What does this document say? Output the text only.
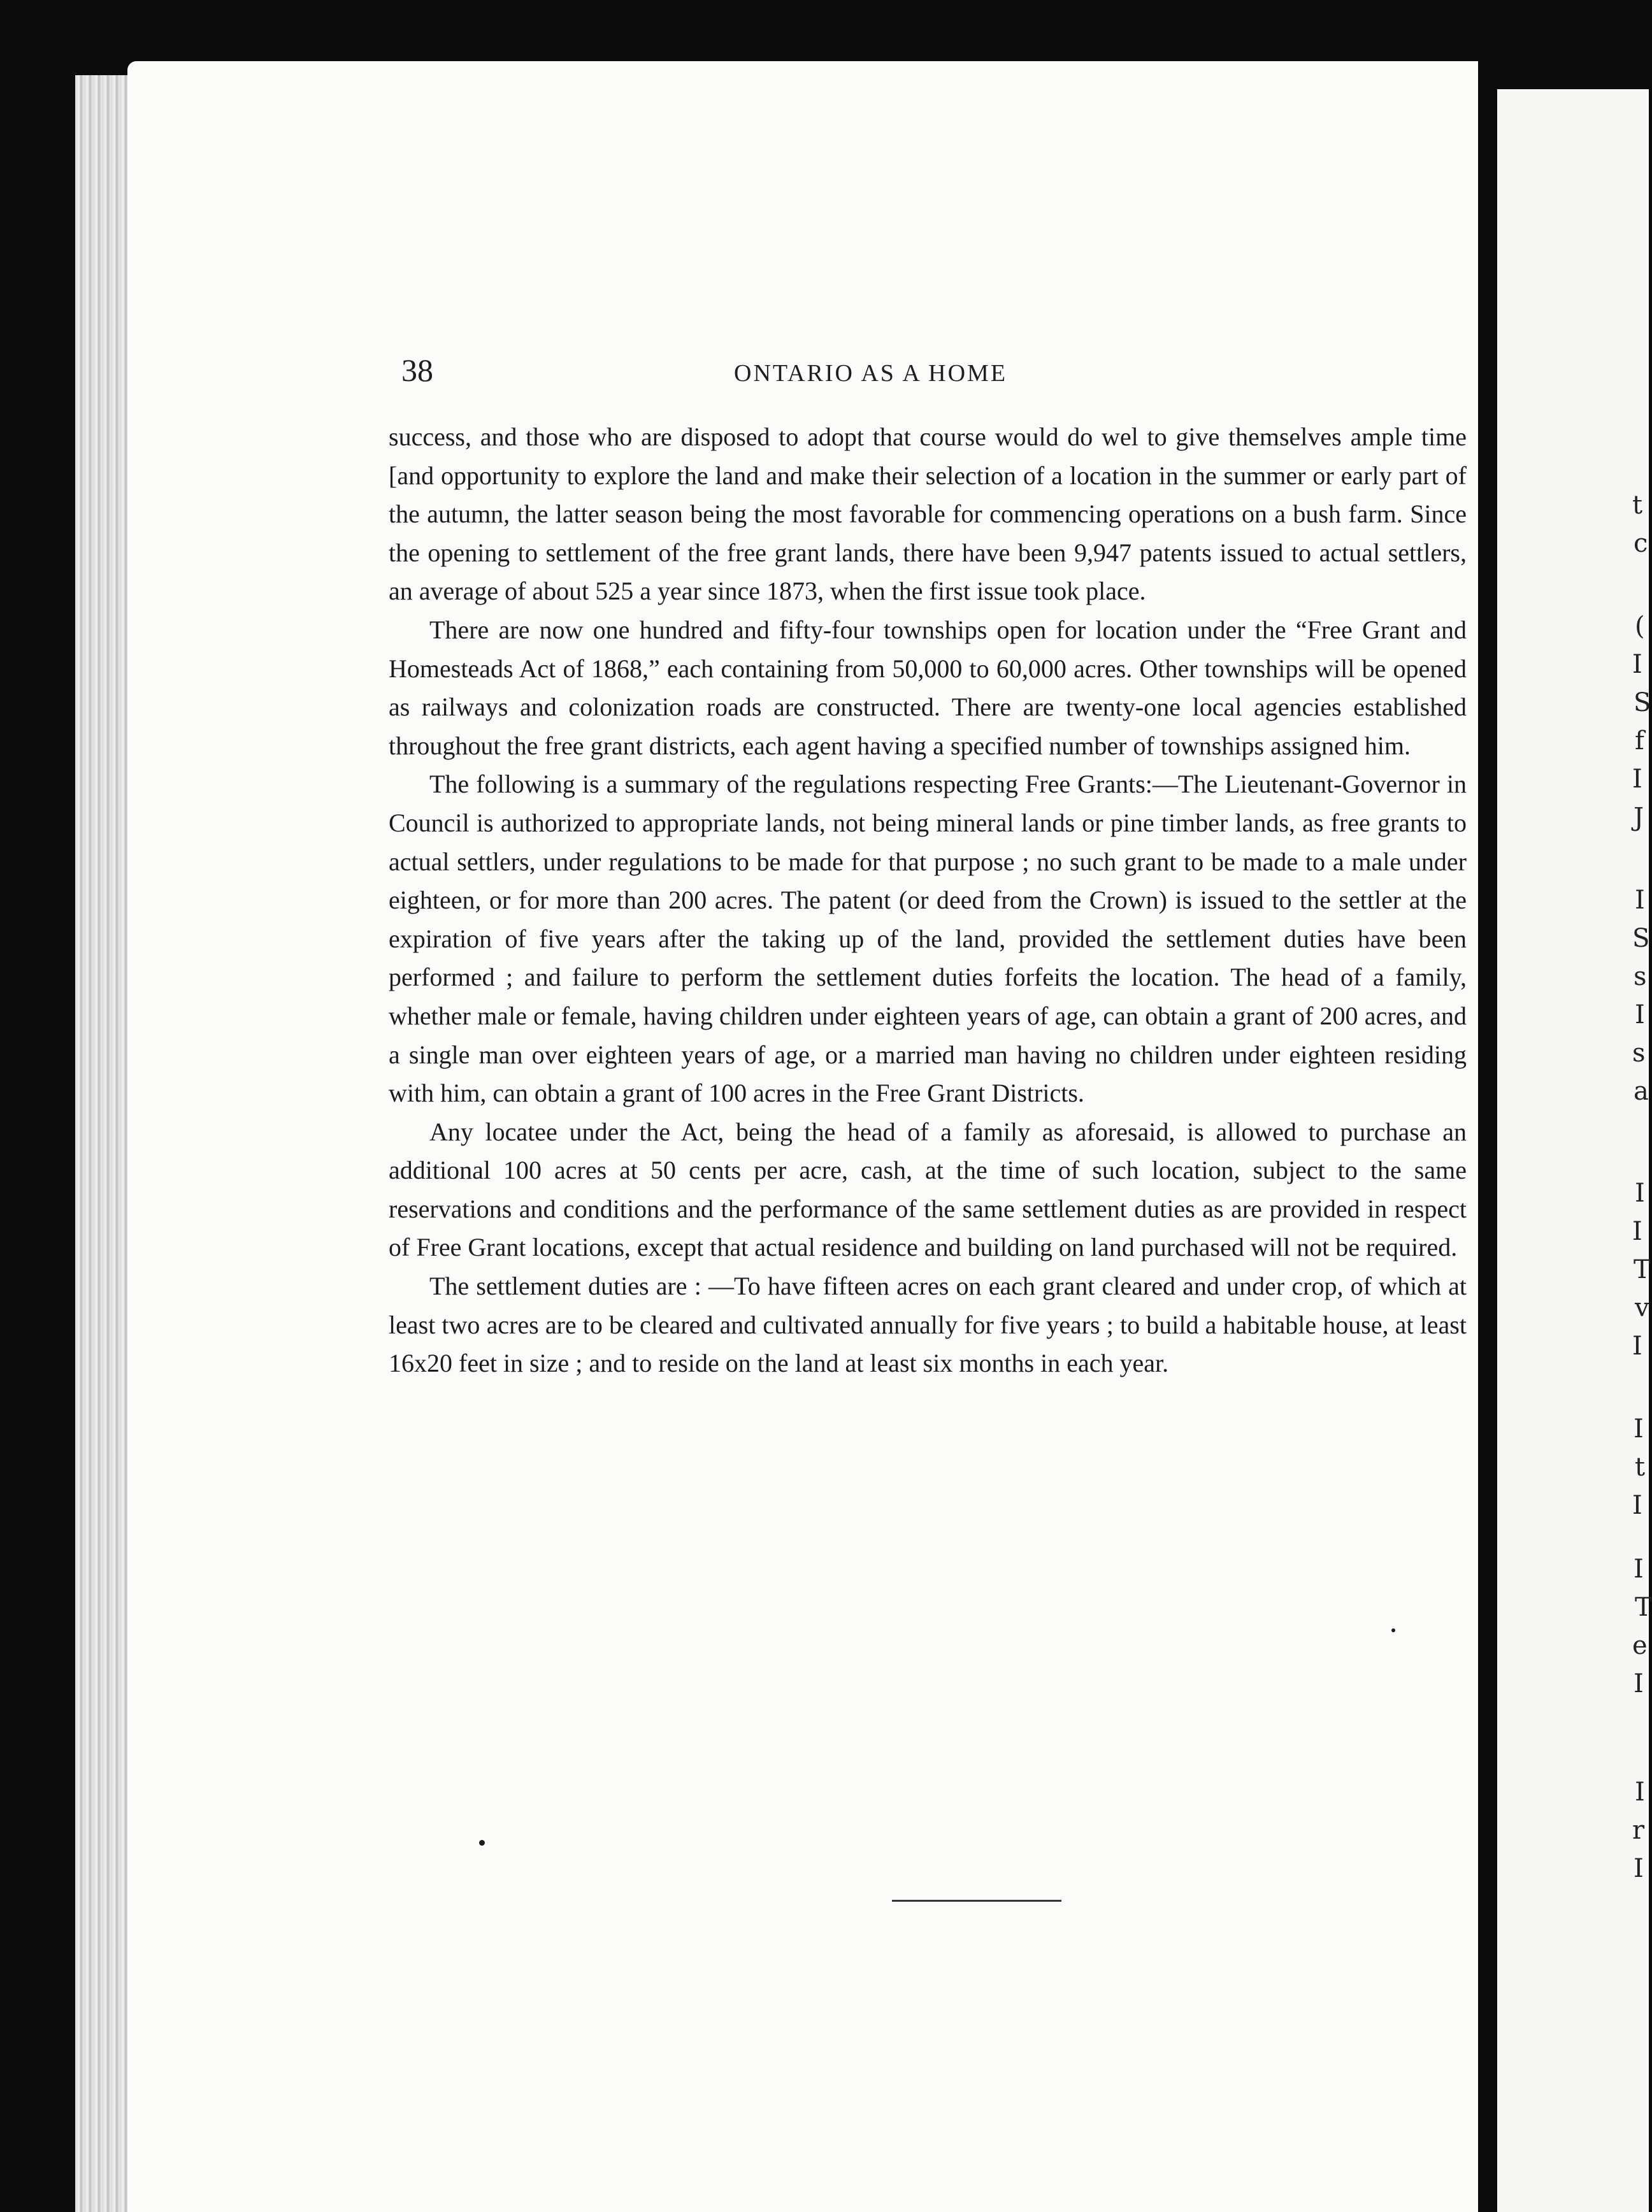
38	ONTARIO AS A HOME

success, and those who are disposed to adopt that course would do wel to give themselves ample time [and opportunity to explore the land and make their selection of a location in the summer or early part of the autumn, the latter season being the most favorable for commencing operations on a bush farm. Since the opening to settlement of the free grant lands, there have been 9,947 patents issued to actual settlers, an average of about 525 a year since 1873, when the first issue took place.

There are now one hundred and fifty-four townships open for location under the “Free Grant and Homesteads Act of 1868,” each containing from 50,000 to 60,000 acres. Other townships will be opened as railways and colonization roads are constructed. There are twenty-one local agencies established throughout the free grant districts, each agent having a specified number of townships assigned him.

The following is a summary of the regulations respecting Free Grants:—The Lieutenant-Governor in Council is authorized to appropriate lands, not being mineral lands or pine timber lands, as free grants to actual settlers, under regulations to be made for that purpose ; no such grant to be made to a male under eighteen, or for more than 200 acres. The patent (or deed from the Crown) is issued to the settler at the expiration of five years after the taking up of the land, provided the settlement duties have been performed ; and failure to perform the settlement duties forfeits the location. The head of a family, whether male or female, having children under eighteen years of age, can obtain a grant of 200 acres, and a single man over eighteen years of age, or a married man having no children under eighteen residing with him, can obtain a grant of 100 acres in the Free Grant Districts.

Any locatee under the Act, being the head of a family as aforesaid, is allowed to purchase an additional 100 acres at 50 cents per acre, cash, at the time of such location, subject to the same reservations and conditions and the performance of the same settlement duties as are provided in respect of Free Grant locations, except that actual residence and building on land purchased will not be required.

The settlement duties are : —To have fifteen acres on each grant cleared and under crop, of which at least two acres are to be cleared and cultivated annually for five years ; to build a habitable house, at least 16x20 feet in size ; and to reside on the land at least six months in each year.

t
c
(
I
S
f
I
J
I
S
s
I
s
a
I
I
T
v
I
I
t
I
I
T
e
I
I
r
I
